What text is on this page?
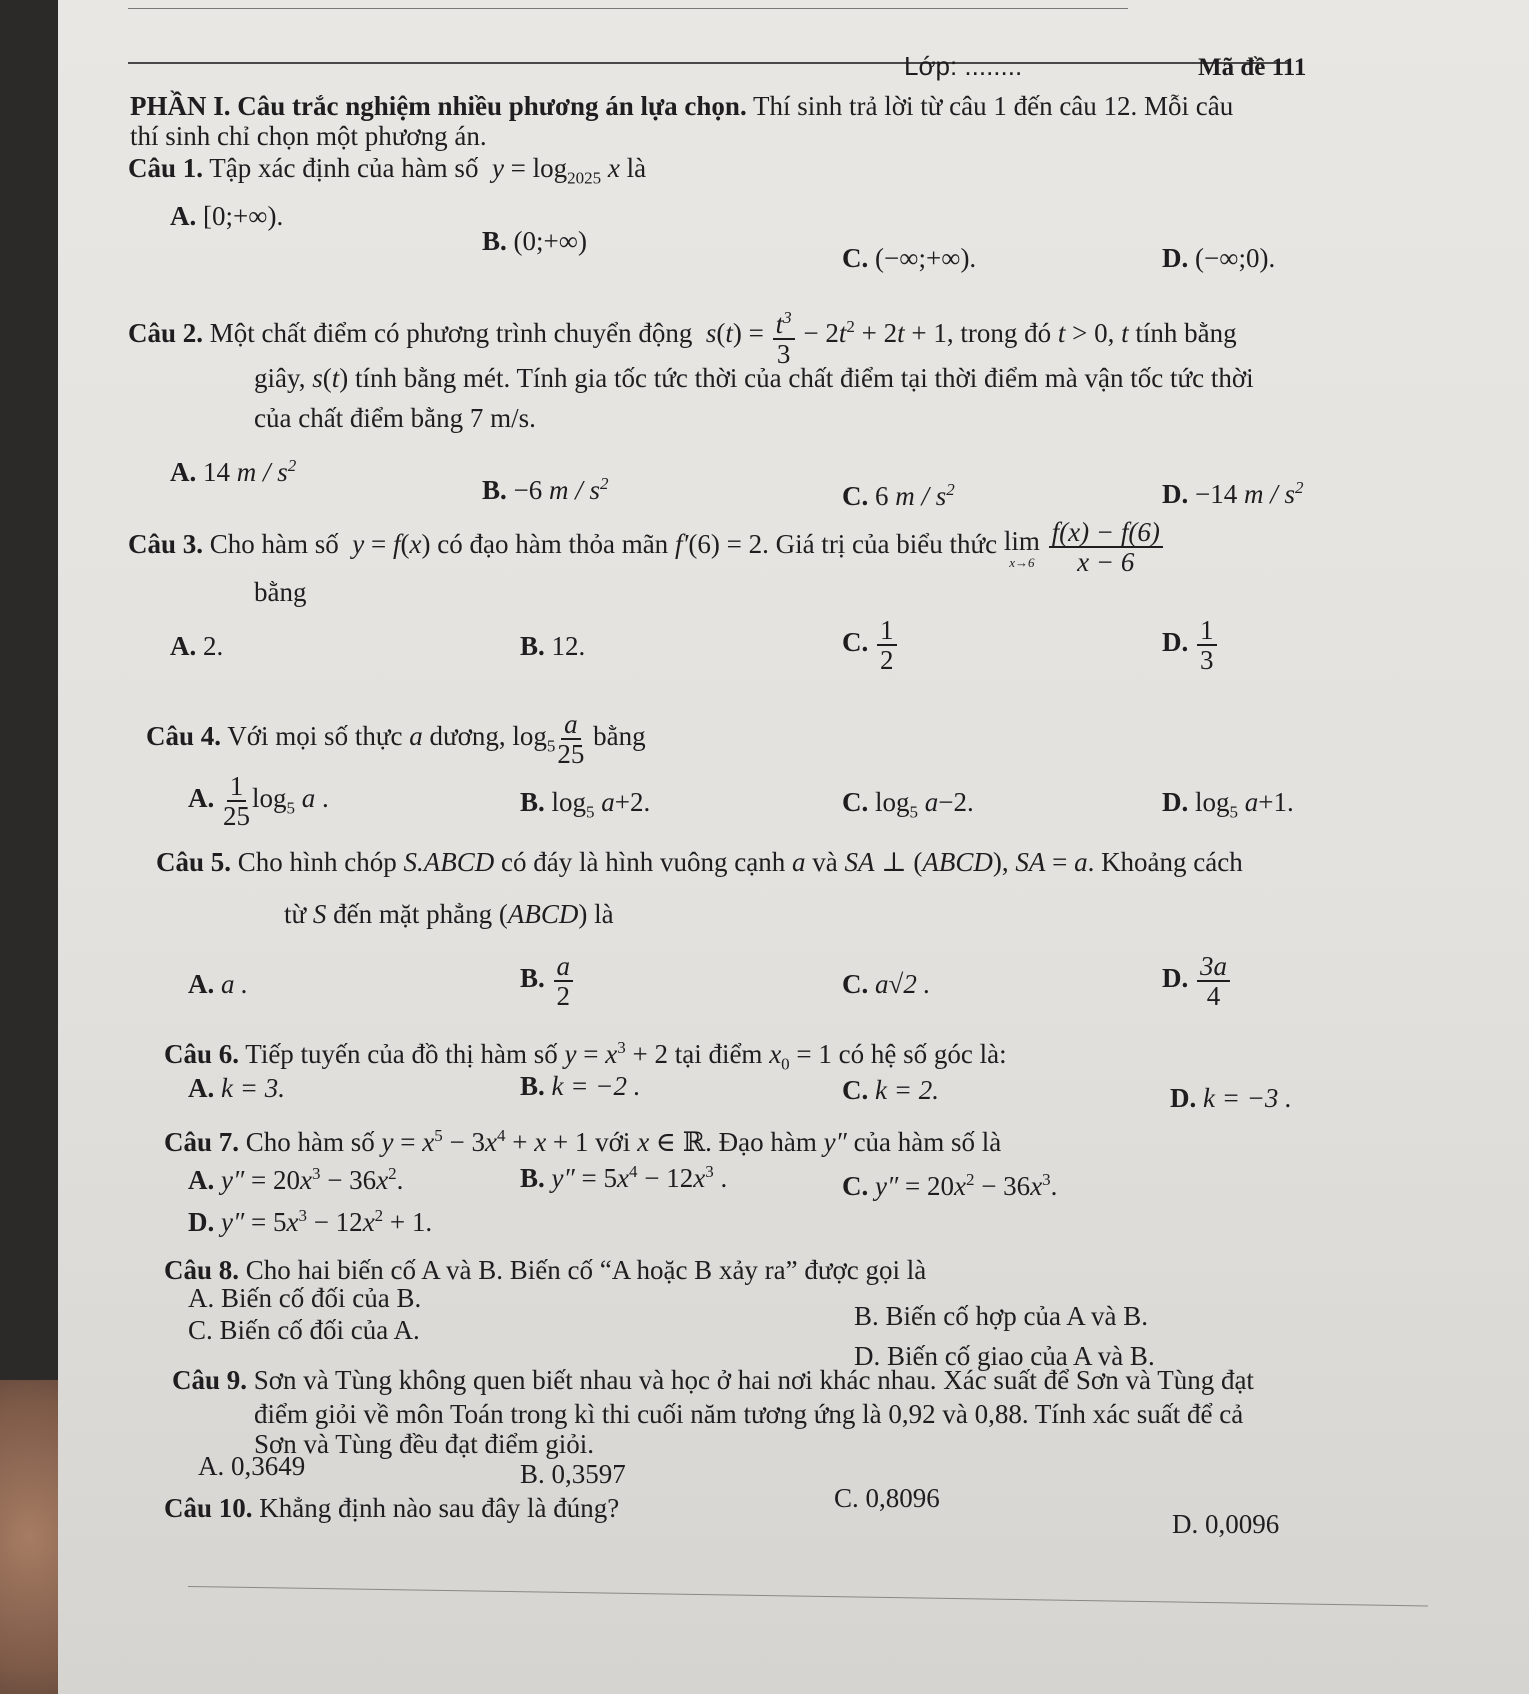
Lớp: ........	Mã đề 111
PHẦN I. Câu trắc nghiệm nhiều phương án lựa chọn. Thí sinh trả lời từ câu 1 đến câu 12. Mỗi câu
thí sinh chỉ chọn một phương án.
Câu 1. Tập xác định của hàm số $y = \log_{2025} x$ là
A. [0;+∞).
B. (0;+∞)
C. (−∞;+∞).	D. (−∞;0).
Câu 2. Một chất điểm có phương trình chuyển động $s(t) = \frac{t^3}{3} - 2t^2 + 2t + 1$, trong đó t > 0, t tính bằng
giây, s(t) tính bằng mét. Tính gia tốc tức thời của chất điểm tại thời điểm mà vận tốc tức thời
của chất điểm bằng 7 m/s.
A. 14 m / $s^2$
B. −6 m / $s^2$	C. 6 m / $s^2$	D. −14 m / $s^2$
Câu 3. Cho hàm số y = f(x) có đạo hàm thỏa mãn f′(6) = 2. Giá trị của biểu thức lim
x→6
$\frac{f(x) - f(6)}{x - 6}$
bằng
A. 2.	B. 12.	C. $\frac{1}{2}$	D. $\frac{1}{3}$
Câu 4. Với mọi số thực a dương, $\log_5 \frac{a}{25}$ bằng
A. $\frac{1}{25} \log_5 a$ .	B. $\log_5 a+2$.	C. $\log_5 a-2$.	D. $\log_5 a+1$.
Câu 5. Cho hình chóp S.ABCD có đáy là hình vuông cạnh a và SA ⊥ (ABCD), SA = a. Khoảng cách
từ S đến mặt phẳng (ABCD) là
A. a .	B. $\frac{a}{2}$	C. a√2 .	D. $\frac{3a}{4}$
Câu 6. Tiếp tuyến của đồ thị hàm số $y = x^3 + 2$ tại điểm $x_0 = 1$ có hệ số góc là:
A. k = 3.	B. k = −2 .	C. k = 2.	D. k = −3 .
Câu 7. Cho hàm số $y = x^5 - 3x^4 + x + 1$ với x ∈ ℝ. Đạo hàm y″ của hàm số là
A. $y'' = 20x^3 - 36x^2$.	B. $y'' = 5x^4 - 12x^3$ .	C. $y'' = 20x^2 - 36x^3$.
D. $y'' = 5x^3 - 12x^2 + 1$.
Câu 8. Cho hai biến cố A và B. Biến cố “A hoặc B xảy ra” được gọi là
A. Biến cố đối của B.
B. Biến cố hợp của A và B.
C. Biến cố đối của A.
D. Biến cố giao của A và B.
Câu 9. Sơn và Tùng không quen biết nhau và học ở hai nơi khác nhau. Xác suất để Sơn và Tùng đạt
điểm giỏi về môn Toán trong kì thi cuối năm tương ứng là 0,92 và 0,88. Tính xác suất để cả
Sơn và Tùng đều đạt điểm giỏi.
A. 0,3649	B. 0,3597
C. 0,8096
D. 0,0096
Câu 10. Khẳng định nào sau đây là đúng?
